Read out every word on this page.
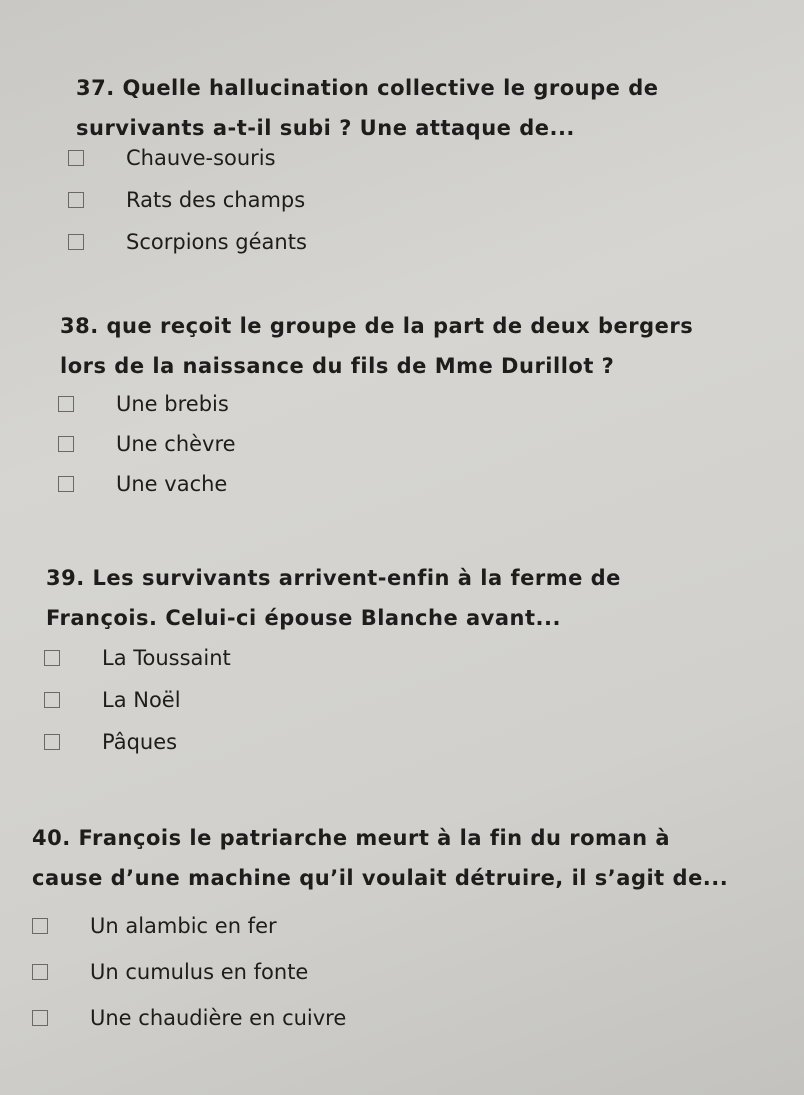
37. Quelle hallucination collective le groupe de
survivants a-t-il subi ? Une attaque de...
Chauve-souris
Rats des champs
Scorpions géants
38. que reçoit le groupe de la part de deux bergers
lors de la naissance du fils de Mme Durillot ?
Une brebis
Une chèvre
Une vache
39. Les survivants arrivent-enfin à la ferme de
François. Celui-ci épouse Blanche avant...
La Toussaint
La Noël
Pâques
40. François le patriarche meurt à la fin du roman à
cause d’une machine qu’il voulait détruire, il s’agit de...
Un alambic en fer
Un cumulus en fonte
Une chaudière en cuivre
